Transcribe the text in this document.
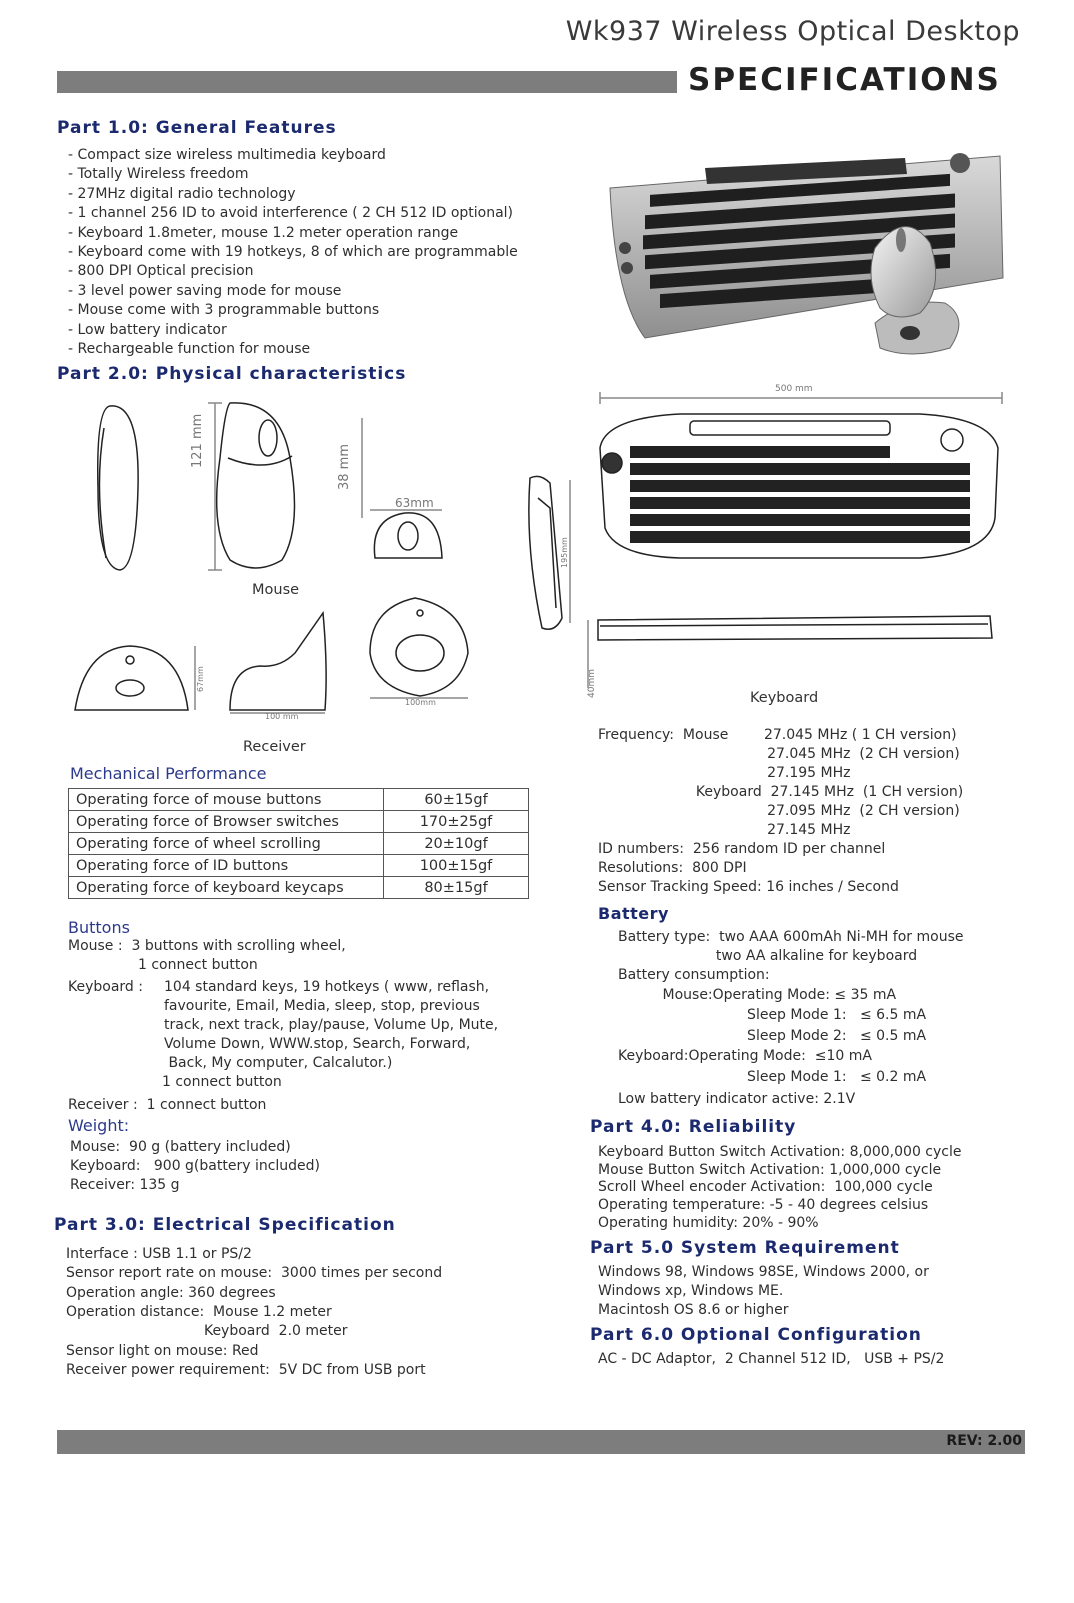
Wk937 Wireless Optical Desktop
SPECIFICATIONS
Part 1.0: General Features
- Compact size wireless multimedia keyboard
- Totally Wireless freedom
- 27MHz digital radio technology
- 1 channel 256 ID to avoid interference ( 2 CH 512 ID optional)
- Keyboard 1.8meter, mouse 1.2 meter operation range
- Keyboard come with 19 hotkeys, 8 of which are programmable
- 800 DPI Optical precision
- 3 level power saving mode for mouse
- Mouse come with 3 programmable buttons
- Low battery indicator
- Rechargeable function for mouse
Part 2.0: Physical characteristics
121 mm	38 mm
63mm
Mouse
67mm
100 mm
100mm
Receiver
500 mm
195mm
40mm	Keyboard
Mechanical Performance
Operating force of mouse buttons	60±15gf
Operating force of Browser switches	170±25gf
Operating force of wheel scrolling	20±10gf
Operating force of ID buttons	100±15gf
Operating force of keyboard keycaps	80±15gf
Buttons
Mouse :  3 buttons with scrolling wheel,
1 connect button
Keyboard : 104 standard keys, 19 hotkeys ( www, reflash,
favourite, Email, Media, sleep, stop, previous
track, next track, play/pause, Volume Up, Mute,
Volume Down, WWW.stop, Search, Forward,
Back, My computer, Calcalutor.)
1 connect button
Receiver :  1 connect button
Weight:
Mouse:  90 g (battery included)
Keyboard:   900 g(battery included)
Receiver: 135 g
Part 3.0: Electrical Specification
Interface : USB 1.1 or PS/2
Sensor report rate on mouse:  3000 times per second
Operation angle: 360 degrees
Operation distance:  Mouse 1.2 meter
Keyboard  2.0 meter
Sensor light on mouse: Red
Receiver power requirement:  5V DC from USB port
Frequency:  Mouse        27.045 MHz ( 1 CH version)
27.045 MHz  (2 CH version)
27.195 MHz
Keyboard  27.145 MHz  (1 CH version)
27.095 MHz  (2 CH version)
27.145 MHz
ID numbers:  256 random ID per channel
Resolutions:  800 DPI
Sensor Tracking Speed: 16 inches / Second
Battery
Battery type:  two AAA 600mAh Ni-MH for mouse
two AA alkaline for keyboard
Battery consumption:
Mouse:Operating Mode: ≤ 35 mA
Sleep Mode 1:   ≤ 6.5 mA
Sleep Mode 2:   ≤ 0.5 mA
Keyboard:Operating Mode:  ≤10 mA
Sleep Mode 1:   ≤ 0.2 mA
Low battery indicator active: 2.1V
Part 4.0: Reliability
Keyboard Button Switch Activation: 8,000,000 cycle
Mouse Button Switch Activation: 1,000,000 cycle
Scroll Wheel encoder Activation:  100,000 cycle
Operating temperature: -5 - 40 degrees celsius
Operating humidity: 20% - 90%
Part 5.0 System Requirement
Windows 98, Windows 98SE, Windows 2000, or
Windows xp, Windows ME.
Macintosh OS 8.6 or higher
Part 6.0 Optional Configuration
AC - DC Adaptor,  2 Channel 512 ID,   USB + PS/2
REV: 2.00
